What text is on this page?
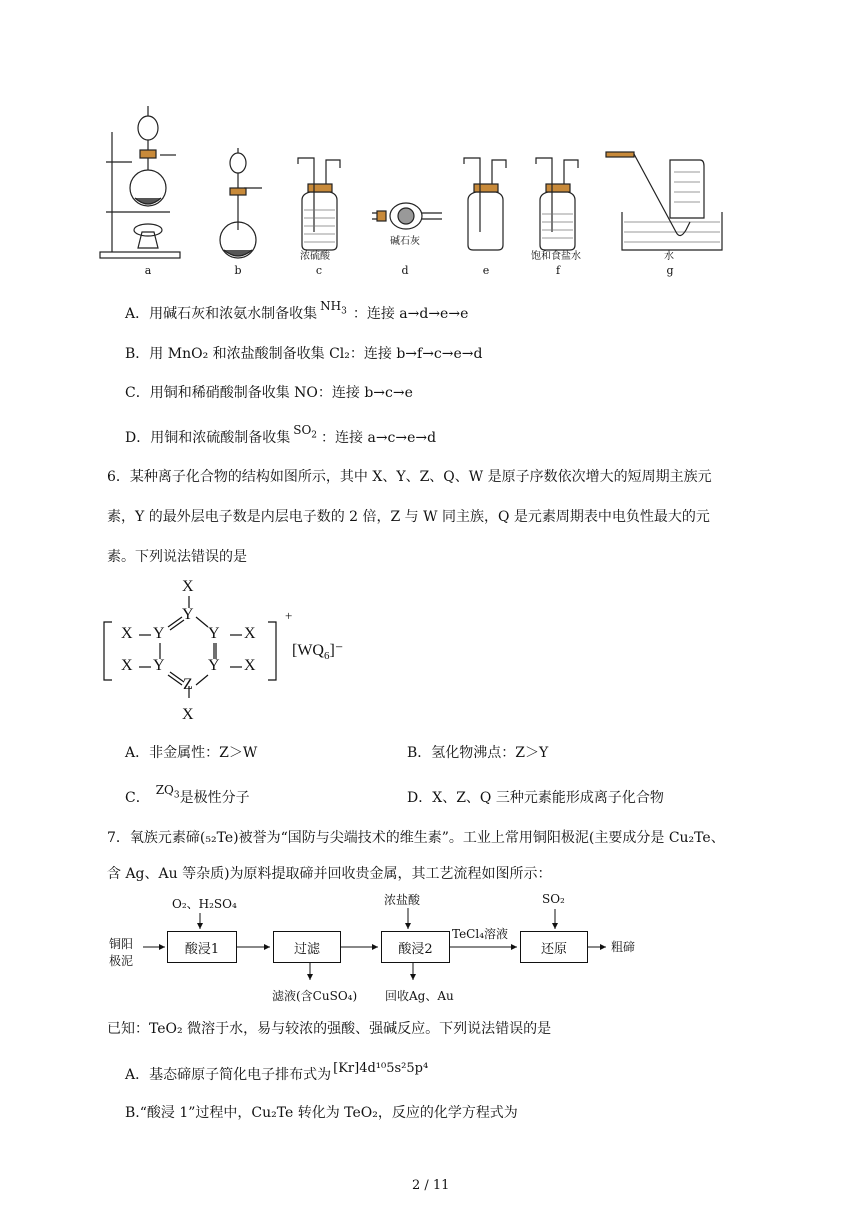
a	b	c	d	e	f	g
浓硫酸
碱石灰
饱和食盐水	水
A．用碱石灰和浓氨水制备收集 $NH_3$ ：连接 a→d→e→e
B．用 MnO₂ 和浓盐酸制备收集 Cl₂：连接 b→f→c→e→d
C．用铜和稀硝酸制备收集 NO：连接 b→c→e
D．用铜和浓硫酸制备收集 $SO_2$ ：连接 a→c→e→d
6．某种离子化合物的结构如图所示，其中 X、Y、Z、Q、W 是原子序数依次增大的短周期主族元
素，Y 的最外层电子数是内层电子数的 2 倍，Z 与 W 同主族，Q 是元素周期表中电负性最大的元
素。下列说法错误的是
X
Y
X Y	Y X
X Y	Y X
Z
X
+
$[WQ_6]^-$
A．非金属性：Z＞W	B．氢化物沸点：Z＞Y
C． $ZQ_3$是极性分子	D．X、Z、Q 三种元素能形成离子化合物
7．氧族元素碲(₅₂Te)被誉为“国防与尖端技术的维生素”。工业上常用铜阳极泥(主要成分是 Cu₂Te、
含 Ag、Au 等杂质)为原料提取碲并回收贵金属，其工艺流程如图所示：
铜阳
极泥
O₂、H₂SO₄
酸浸1	过滤
滤液(含CuSO₄)
浓盐酸
酸浸2
回收Ag、Au
TeCl₄溶液
SO₂
还原	粗碲
已知：TeO₂ 微溶于水，易与较浓的强酸、强碱反应。下列说法错误的是
A．基态碲原子简化电子排布式为 [Kr]4d¹⁰5s²5p⁴
B.“酸浸 1”过程中，Cu₂Te 转化为 TeO₂，反应的化学方程式为
2 / 11
